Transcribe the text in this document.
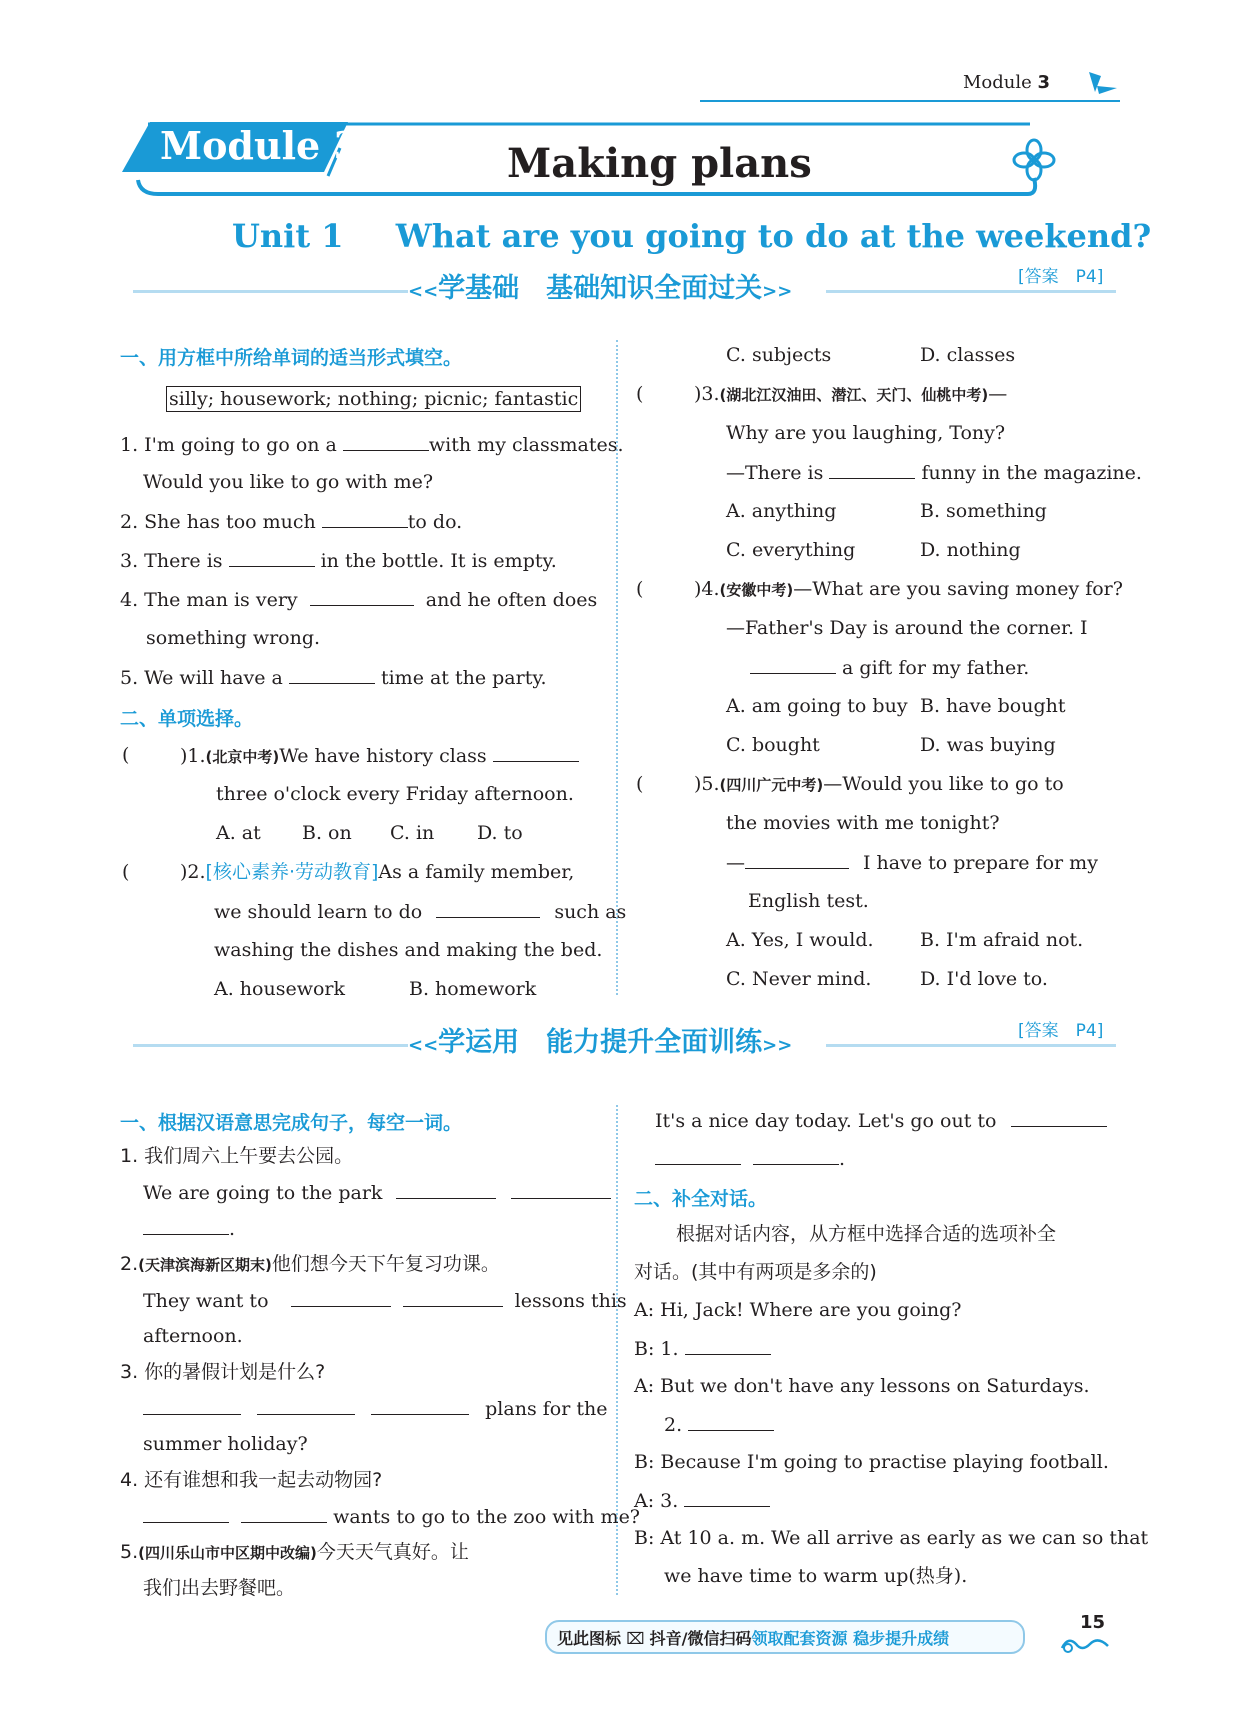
Module 3
Module 3	Making plans
Unit 1 What are you going to do at the weekend?
[答案　P4]
<<学基础　基础知识全面过关>>
一、用方框中所给单词的适当形式填空。
silly; housework; nothing; picnic; fantastic
1. I'm going to go on a	with my classmates.
Would you like to go with me?
2. She has too much	to do.
3. There is	in the bottle. It is empty.
4. The man is very	and he often does
something wrong.
5. We will have a	time at the party.
二、单项选择。
(	)1.(北京中考)We have history class
three o'clock every Friday afternoon.
A. at B. on C. in D. to
(	)2.[核心素养·劳动教育]As a family member,
we should learn to do	such as
washing the dishes and making the bed.
A. housework	B. homework
C. subjects	D. classes
(	)3.(湖北江汉油田、潜江、天门、仙桃中考)—
Why are you laughing, Tony?
—There is	funny in the magazine.
A. anything	B. something
C. everything	D. nothing
(	)4.(安徽中考)—What are you saving money for?
—Father's Day is around the corner. I
a gift for my father.
A. am going to buy B. have bought
C. bought	D. was buying
(	)5.(四川广元中考)—Would you like to go to
the movies with me tonight?
—	I have to prepare for my
English test.
A. Yes, I would. B. I'm afraid not.
C. Never mind.	D. I'd love to.
[答案　P4]
<<学运用　能力提升全面训练>>
一、根据汉语意思完成句子，每空一词。
1. 我们周六上午要去公园。
We are going to the park
.
2.(天津滨海新区期末)他们想今天下午复习功课。
They want to	lessons this
afternoon.
3. 你的暑假计划是什么?
plans for the
summer holiday?
4. 还有谁想和我一起去动物园?
wants to go to the zoo with me?
5.(四川乐山市中区期中改编)今天天气真好。让
我们出去野餐吧。
It's a nice day today. Let's go out to
.
二、补全对话。
根据对话内容，从方框中选择合适的选项补全
对话。(其中有两项是多余的)
A: Hi, Jack! Where are you going?
B: 1.
A: But we don't have any lessons on Saturdays.
2.
B: Because I'm going to practise playing football.
A: 3.
B: At 10 a. m. We all arrive as early as we can so that
we have time to warm up(热身).
见此图标 ⌧ 抖音/微信扫码领取配套资源 稳步提升成绩
15
